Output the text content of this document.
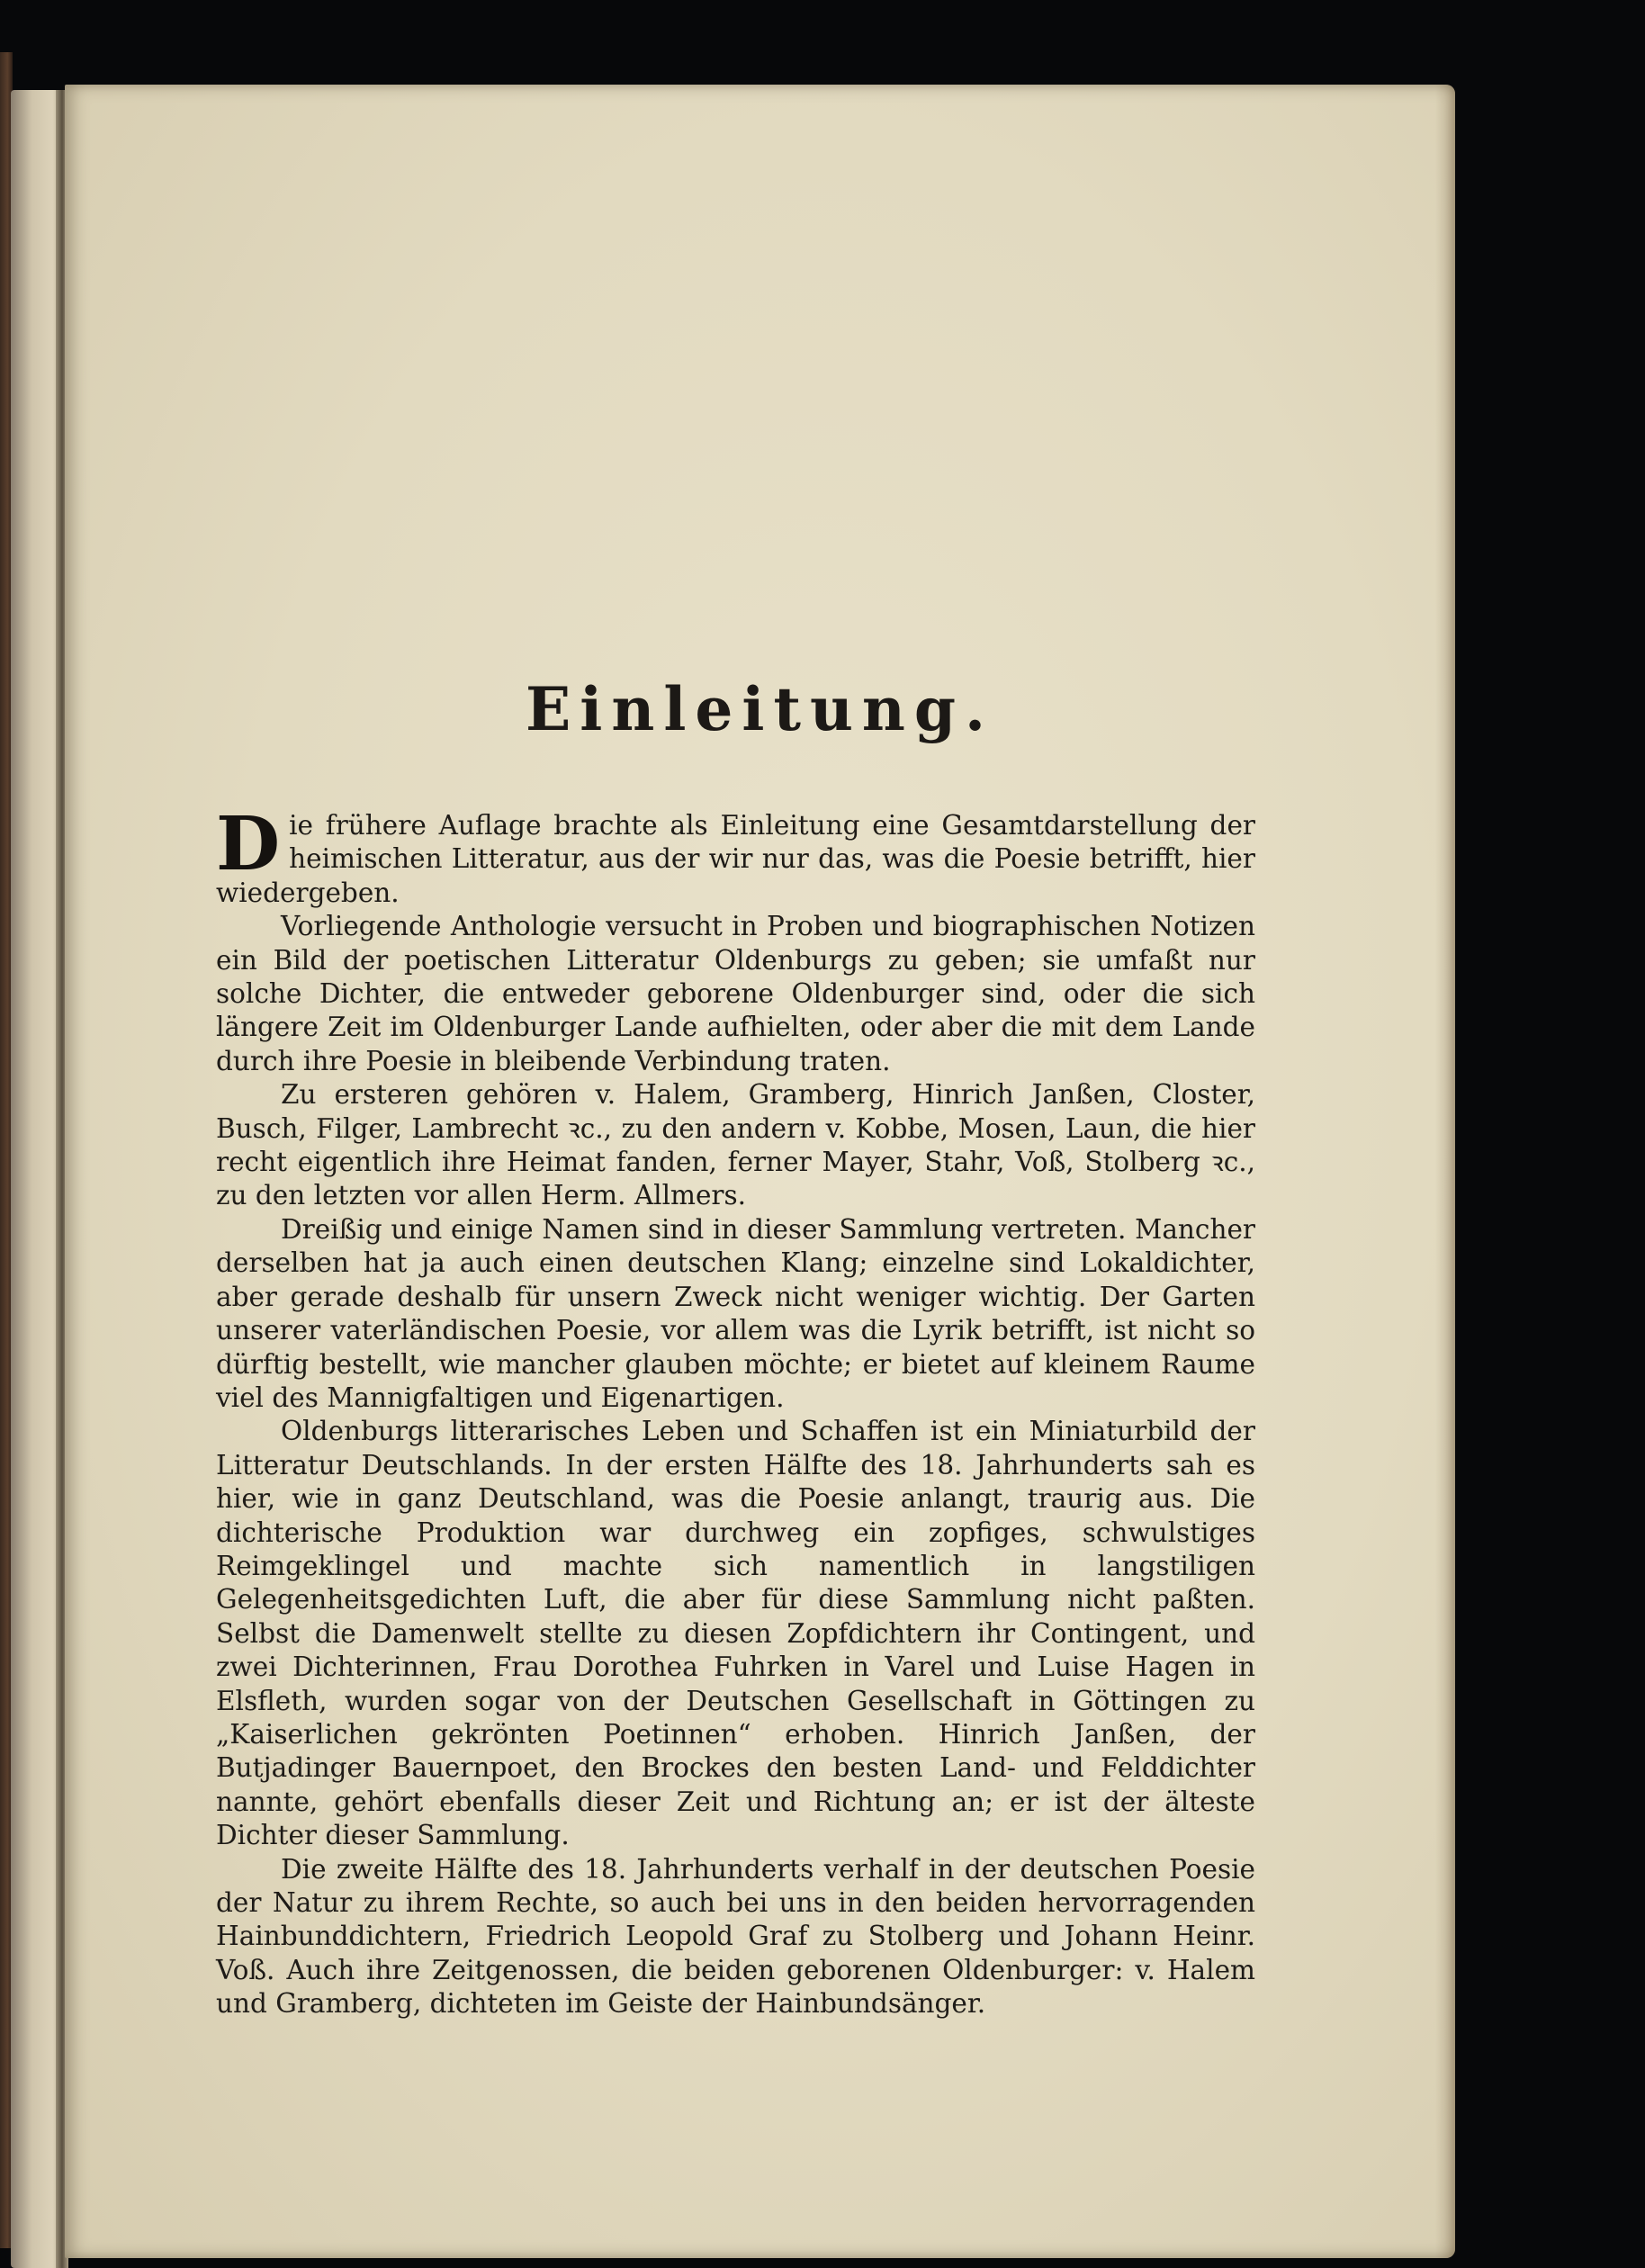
Einleitung.

Die frühere Auflage brachte als Einleitung eine Gesamtdarstellung der heimischen Litteratur, aus der wir nur das, was die Poesie betrifft, hier wiedergeben.

Vorliegende Anthologie versucht in Proben und biographischen Notizen ein Bild der poetischen Litteratur Oldenburgs zu geben; sie umfaßt nur solche Dichter, die entweder geborene Oldenburger sind, oder die sich längere Zeit im Oldenburger Lande aufhielten, oder aber die mit dem Lande durch ihre Poesie in bleibende Verbindung traten.

Zu ersteren gehören v. Halem, Gramberg, Hinrich Janßen, Closter, Busch, Filger, Lambrecht ꝛc., zu den andern v. Kobbe, Mosen, Laun, die hier recht eigentlich ihre Heimat fanden, ferner Mayer, Stahr, Voß, Stolberg ꝛc., zu den letzten vor allen Herm. Allmers.

Dreißig und einige Namen sind in dieser Sammlung vertreten. Mancher derselben hat ja auch einen deutschen Klang; einzelne sind Lokaldichter, aber gerade deshalb für unsern Zweck nicht weniger wichtig. Der Garten unserer vaterländischen Poesie, vor allem was die Lyrik betrifft, ist nicht so dürftig bestellt, wie mancher glauben möchte; er bietet auf kleinem Raume viel des Mannigfaltigen und Eigenartigen.

Oldenburgs litterarisches Leben und Schaffen ist ein Miniaturbild der Litteratur Deutschlands. In der ersten Hälfte des 18. Jahrhunderts sah es hier, wie in ganz Deutschland, was die Poesie anlangt, traurig aus. Die dichterische Produktion war durchweg ein zopfiges, schwulstiges Reimgeklingel und machte sich namentlich in langstiligen Gelegenheitsgedichten Luft, die aber für diese Sammlung nicht paßten. Selbst die Damenwelt stellte zu diesen Zopfdichtern ihr Contingent, und zwei Dichterinnen, Frau Dorothea Fuhrken in Varel und Luise Hagen in Elsfleth, wurden sogar von der Deutschen Gesellschaft in Göttingen zu „Kaiserlichen gekrönten Poetinnen“ erhoben. Hinrich Janßen, der Butjadinger Bauernpoet, den Brockes den besten Land- und Felddichter nannte, gehört ebenfalls dieser Zeit und Richtung an; er ist der älteste Dichter dieser Sammlung.

Die zweite Hälfte des 18. Jahrhunderts verhalf in der deutschen Poesie der Natur zu ihrem Rechte, so auch bei uns in den beiden hervorragenden Hainbunddichtern, Friedrich Leopold Graf zu Stolberg und Johann Heinr. Voß. Auch ihre Zeitgenossen, die beiden geborenen Oldenburger: v. Halem und Gramberg, dichteten im Geiste der Hainbundsänger.
